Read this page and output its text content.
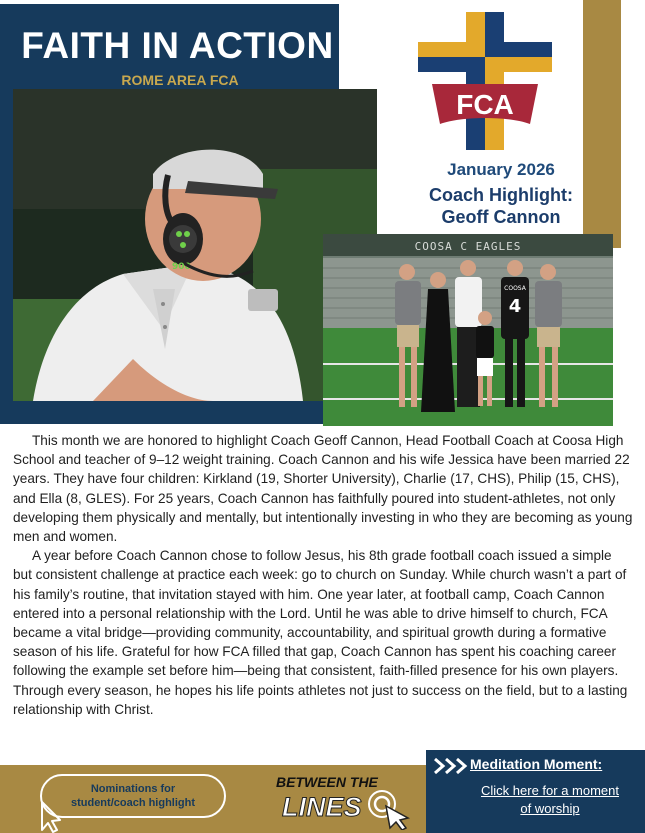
FAITH IN ACTION
ROME AREA FCA
900
FCA
January 2026
Coach Highlight:
Geoff Cannon
COOSA C EAGLES
COOSA
4

This month we are honored to highlight Coach Geoff Cannon, Head Football Coach at Coosa High School and teacher of 9–12 weight training. Coach Cannon and his wife Jessica have been married 22 years. They have four children: Kirkland (19, Shorter University), Charlie (17, CHS), Philip (15, CHS), and Ella (8, GLES). For 25 years, Coach Cannon has faithfully poured into student-athletes, not only developing them physically and mentally, but intentionally investing in who they are becoming as young men and women.

A year before Coach Cannon chose to follow Jesus, his 8th grade football coach issued a simple but consistent challenge at practice each week: go to church on Sunday. While church wasn’t a part of his family’s routine, that invitation stayed with him. One year later, at football camp, Coach Cannon entered into a personal relationship with the Lord. Until he was able to drive himself to church, FCA became a vital bridge—providing community, accountability, and spiritual growth during a formative season of his life. Grateful for how FCA filled that gap, Coach Cannon has spent his coaching career following the example set before him—being that consistent, faith-filled presence for his own players. Through every season, he hopes his life points athletes not just to success on the field, but to a lasting relationship with Christ.

Nominations for
student/coach highlight
BETWEEN THE
LINES
Meditation Moment:
Click here for a moment
of worship
